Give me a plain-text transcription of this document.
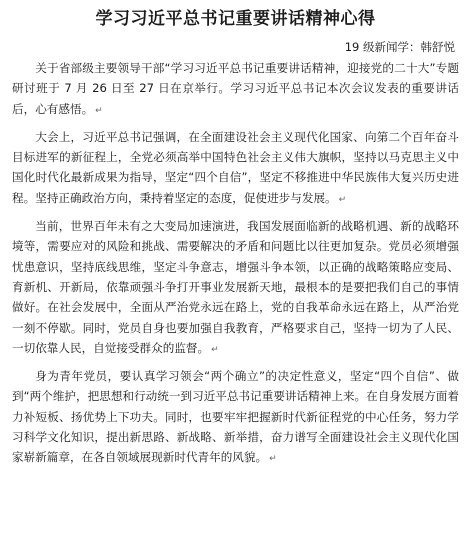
学习习近平总书记重要讲话精神心得
19 级新闻学：韩舒悦

关于省部级主要领导干部“学习习近平总书记重要讲话精神，迎接党的二十大”专题研讨班于 7 月 26 日至 27 日在京举行。学习习近平总书记本次会议发表的重要讲话后，心有感悟。 ↵

大会上，习近平总书记强调，在全面建设社会主义现代化国家、向第二个百年奋斗目标进军的新征程上，全党必须高举中国特色社会主义伟大旗帜，坚持以马克思主义中国化时代化最新成果为指导，坚定“四个自信”，坚定不移推进中华民族伟大复兴历史进程。坚持正确政治方向，秉持着坚定的态度，促使进步与发展。 ↵

当前，世界百年未有之大变局加速演进，我国发展面临新的战略机遇、新的战略环境等，需要应对的风险和挑战、需要解决的矛盾和问题比以往更加复杂。党员必须增强忧患意识，坚持底线思维，坚定斗争意志，增强斗争本领，以正确的战略策略应变局、育新机、开新局，依靠顽强斗争打开事业发展新天地，最根本的是要把我们自己的事情做好。在社会发展中，全面从严治党永远在路上，党的自我革命永远在路上，从严治党一刻不停歇。同时，党员自身也要加强自我教育，严格要求自己，坚持一切为了人民、一切依靠人民，自觉接受群众的监督。 ↵

身为青年党员，要认真学习领会“两个确立”的决定性意义，坚定“四个自信”、做到“两个维护，把思想和行动统一到习近平总书记重要讲话精神上来。在自身发展方面着力补短板、扬优势上下功夫。同时，也要牢牢把握新时代新征程党的中心任务，努力学习科学文化知识，提出新思路、新战略、新举措，奋力谱写全面建设社会主义现代化国家崭新篇章，在各自领域展现新时代青年的风貌。 ↵
